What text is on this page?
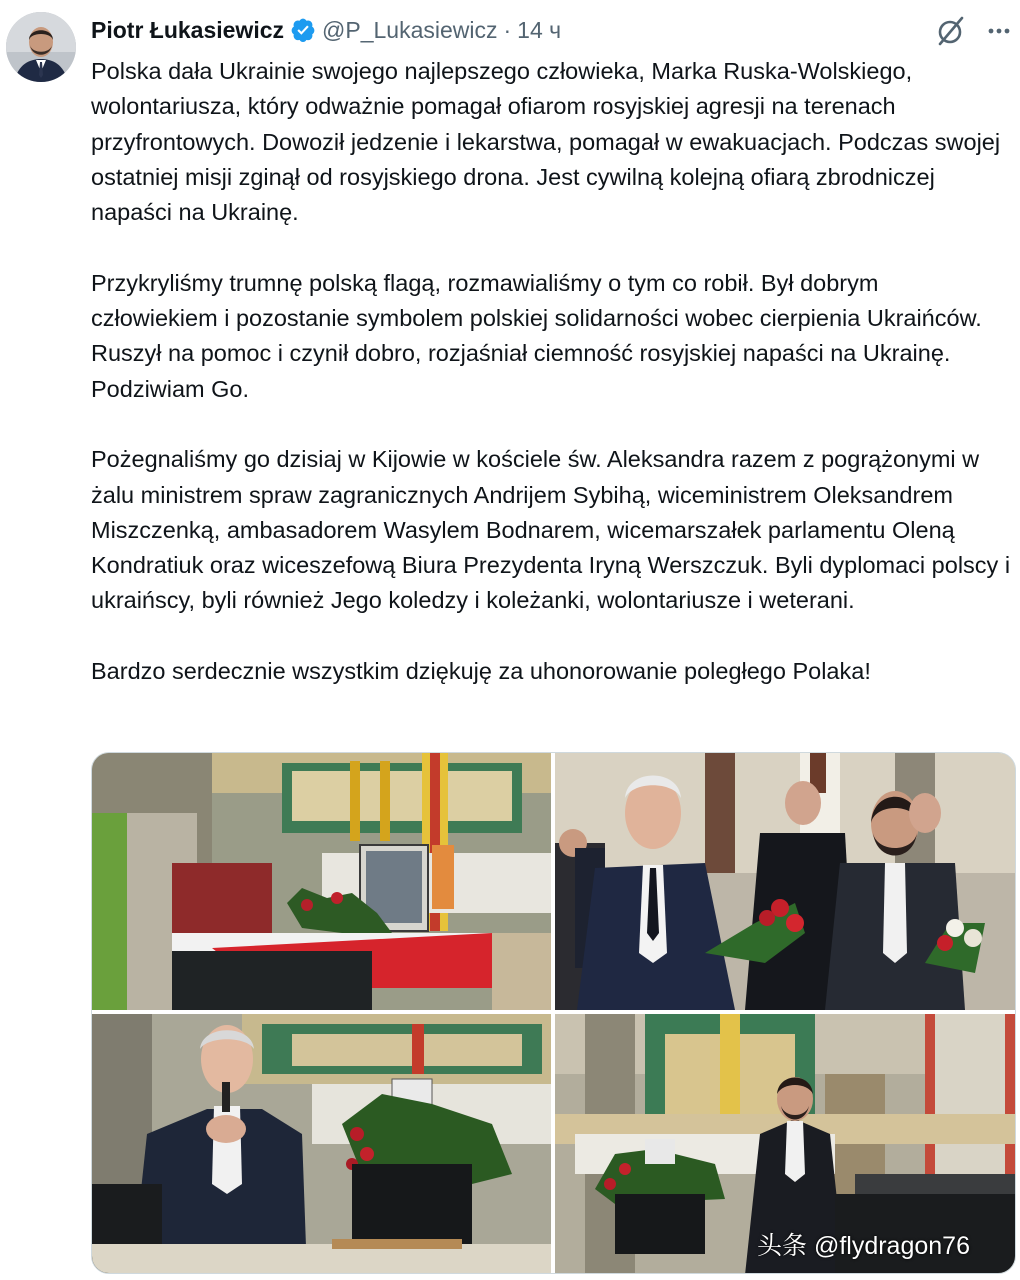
Piotr Łukasiewicz @P_Lukasiewicz · 14 ч

Polska dała Ukrainie swojego najlepszego człowieka, Marka Ruska-Wolskiego, wolontariusza, który odważnie pomagał ofiarom rosyjskiej agresji na terenach przyfrontowych. Dowoził jedzenie i lekarstwa, pomagał w ewakuacjach. Podczas swojej ostatniej misji zginął od rosyjskiego drona. Jest cywilną kolejną ofiarą zbrodniczej napaści na Ukrainę.

Przykryliśmy trumnę polską flagą, rozmawialiśmy o tym co robił. Był dobrym człowiekiem i pozostanie symbolem polskiej solidarności wobec cierpienia Ukraińców. Ruszył na pomoc i czynił dobro, rozjaśniał ciemność rosyjskiej napaści na Ukrainę. Podziwiam Go.

Pożegnaliśmy go dzisiaj w Kijowie w kościele św. Aleksandra razem z pogrążonymi w żalu ministrem spraw zagranicznych Andrijem Sybihą, wiceministrem Oleksandrem Miszczenką, ambasadorem Wasylem Bodnarem, wicemarszałek parlamentu Oleną Kondratiuk oraz wiceszefową Biura Prezydenta Iryną Werszczuk. Byli dyplomaci polscy i ukraińscy, byli również Jego koledzy i koleżanki, wolontariusze i weterani.

Bardzo serdecznie wszystkim dziękuję za uhonorowanie poległego Polaka!

头条 @flydragon76
